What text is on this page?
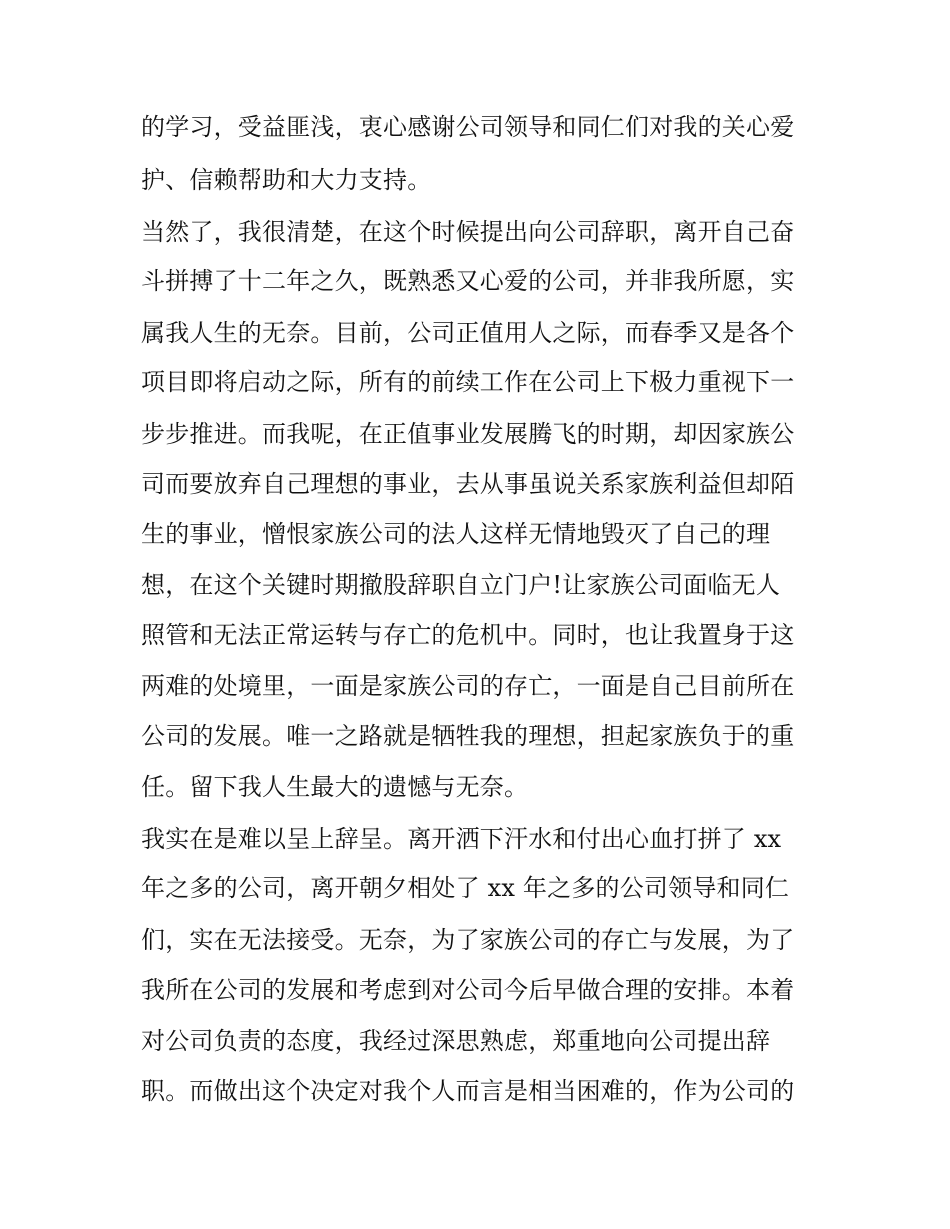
的学习，受益匪浅，衷心感谢公司领导和同仁们对我的关心爱
护、信赖帮助和大力支持。
当然了，我很清楚，在这个时候提出向公司辞职，离开自己奋
斗拼搏了十二年之久，既熟悉又心爱的公司，并非我所愿，实
属我人生的无奈。目前，公司正值用人之际，而春季又是各个
项目即将启动之际，所有的前续工作在公司上下极力重视下一
步步推进。而我呢，在正值事业发展腾飞的时期，却因家族公
司而要放弃自己理想的事业，去从事虽说关系家族利益但却陌
生的事业，憎恨家族公司的法人这样无情地毁灭了自己的理
想，在这个关键时期撤股辞职自立门户!让家族公司面临无人
照管和无法正常运转与存亡的危机中。同时，也让我置身于这
两难的处境里，一面是家族公司的存亡，一面是自己目前所在
公司的发展。唯一之路就是牺牲我的理想，担起家族负于的重
任。留下我人生最大的遗憾与无奈。
我实在是难以呈上辞呈。离开洒下汗水和付出心血打拼了 xx
年之多的公司，离开朝夕相处了 xx 年之多的公司领导和同仁
们，实在无法接受。无奈，为了家族公司的存亡与发展，为了
我所在公司的发展和考虑到对公司今后早做合理的安排。本着
对公司负责的态度，我经过深思熟虑，郑重地向公司提出辞
职。而做出这个决定对我个人而言是相当困难的，作为公司的
